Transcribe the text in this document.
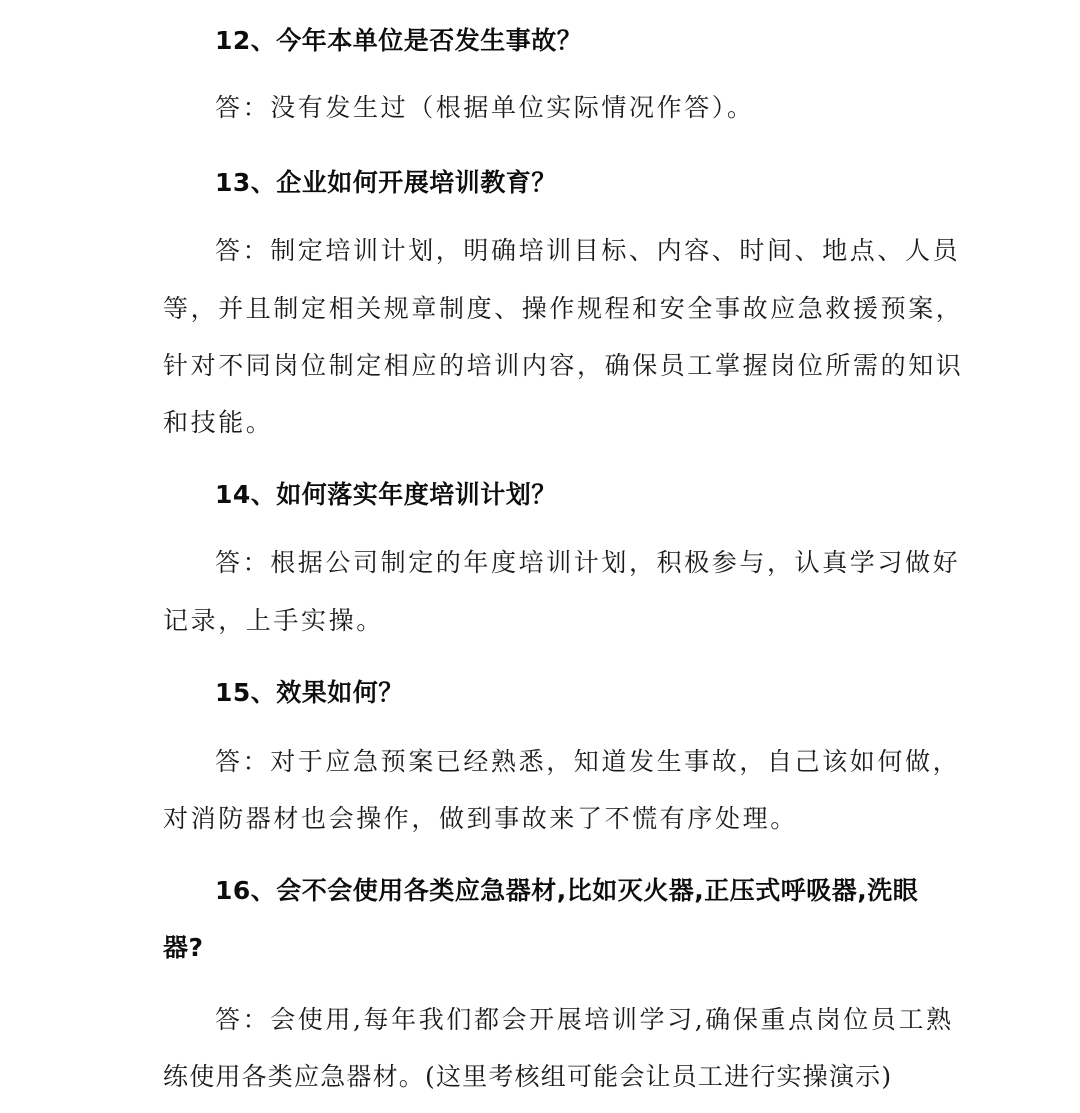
12、今年本单位是否发生事故？
答：没有发生过（根据单位实际情况作答）。
13、企业如何开展培训教育？
答：制定培训计划，明确培训目标、内容、时间、地点、人员
等，并且制定相关规章制度、操作规程和安全事故应急救援预案，
针对不同岗位制定相应的培训内容，确保员工掌握岗位所需的知识
和技能。
14、如何落实年度培训计划？
答：根据公司制定的年度培训计划，积极参与，认真学习做好
记录，上手实操。
15、效果如何？
答：对于应急预案已经熟悉，知道发生事故，自己该如何做，
对消防器材也会操作，做到事故来了不慌有序处理。
16、会不会使用各类应急器材,比如灭火器,正压式呼吸器,洗眼
器?
答：会使用,每年我们都会开展培训学习,确保重点岗位员工熟
练使用各类应急器材。(这里考核组可能会让员工进行实操演示)
